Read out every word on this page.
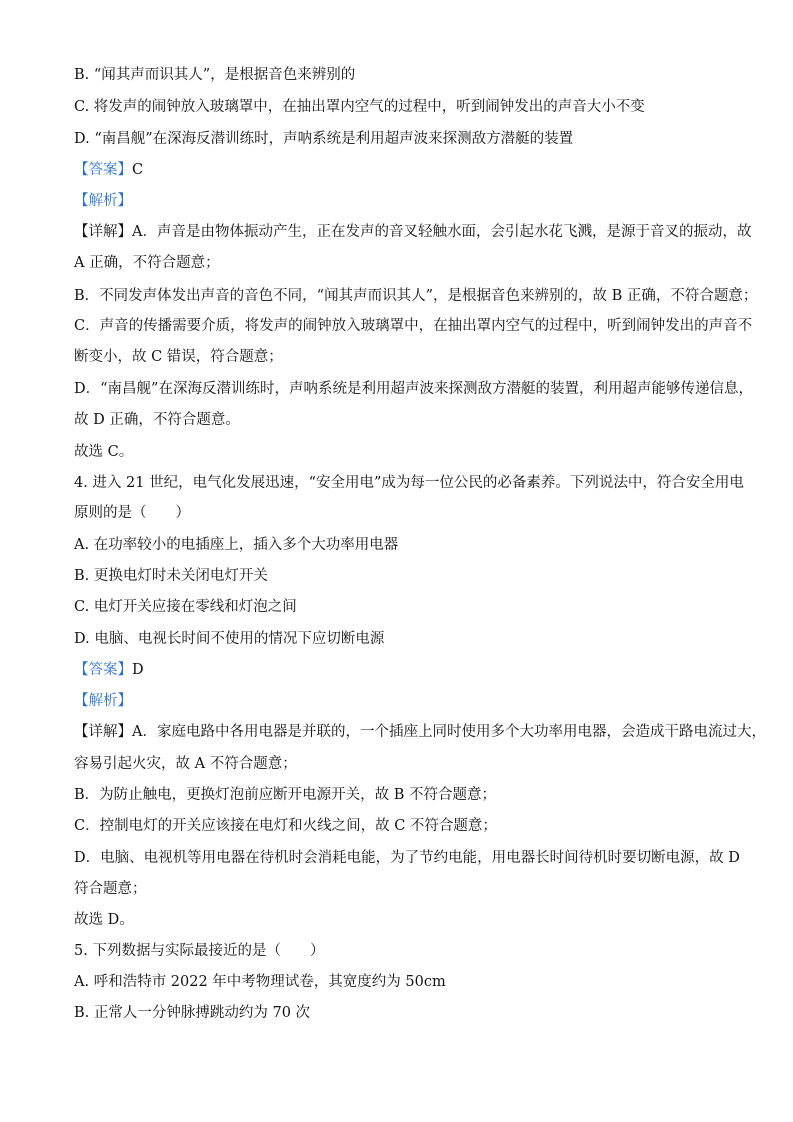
B. “闻其声而识其人”，是根据音色来辨别的
C. 将发声的闹钟放入玻璃罩中，在抽出罩内空气的过程中，听到闹钟发出的声音大小不变
D. “南昌舰”在深海反潜训练时，声呐系统是利用超声波来探测敌方潜艇的装置
【答案】C
【解析】
【详解】A．声音是由物体振动产生，正在发声的音叉轻触水面，会引起水花飞溅，是源于音叉的振动，故
A 正确，不符合题意；
B．不同发声体发出声音的音色不同，“闻其声而识其人”，是根据音色来辨别的，故 B 正确，不符合题意；
C．声音的传播需要介质，将发声的闹钟放入玻璃罩中，在抽出罩内空气的过程中，听到闹钟发出的声音不
断变小，故 C 错误，符合题意；
D．“南昌舰”在深海反潜训练时，声呐系统是利用超声波来探测敌方潜艇的装置，利用超声能够传递信息，
故 D 正确，不符合题意。
故选 C。
4. 进入 21 世纪，电气化发展迅速，“安全用电”成为每一位公民的必备素养。下列说法中，符合安全用电
原则的是（　　）
A. 在功率较小的电插座上，插入多个大功率用电器
B. 更换电灯时未关闭电灯开关
C. 电灯开关应接在零线和灯泡之间
D. 电脑、电视长时间不使用的情况下应切断电源
【答案】D
【解析】
【详解】A．家庭电路中各用电器是并联的，一个插座上同时使用多个大功率用电器，会造成干路电流过大，
容易引起火灾，故 A 不符合题意；
B．为防止触电，更换灯泡前应断开电源开关，故 B 不符合题意；
C．控制电灯的开关应该接在电灯和火线之间，故 C 不符合题意；
D．电脑、电视机等用电器在待机时会消耗电能，为了节约电能，用电器长时间待机时要切断电源，故 D
符合题意；
故选 D。
5. 下列数据与实际最接近的是（　　）
A. 呼和浩特市 2022 年中考物理试卷，其宽度约为 50cm
B. 正常人一分钟脉搏跳动约为 70 次
